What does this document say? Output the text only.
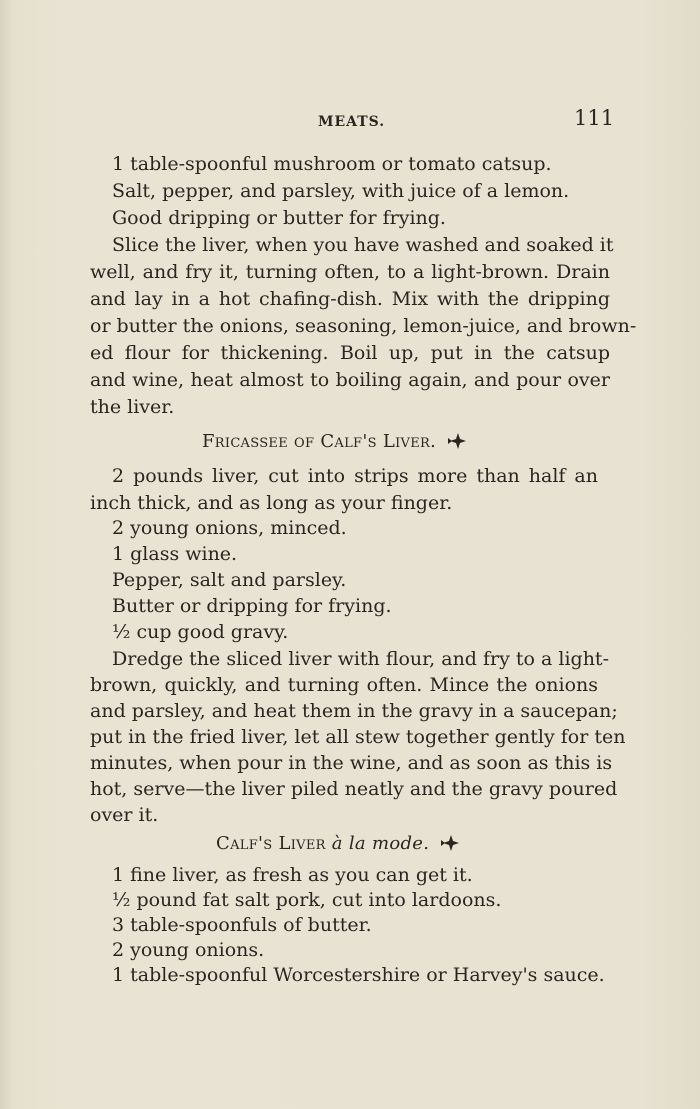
MEATS.	111
1 table-spoonful mushroom or tomato catsup.
Salt, pepper, and parsley, with juice of a lemon.
Good dripping or butter for frying.
Slice the liver, when you have washed and soaked it
well, and fry it, turning often, to a light-brown. Drain
and lay in a hot chafing-dish. Mix with the dripping
or butter the onions, seasoning, lemon-juice, and brown-
ed flour for thickening. Boil up, put in the catsup
and wine, heat almost to boiling again, and pour over
the liver.
Fricassee of Calf's Liver.
2 pounds liver, cut into strips more than half an
inch thick, and as long as your finger.
2 young onions, minced.
1 glass wine.
Pepper, salt and parsley.
Butter or dripping for frying.
½ cup good gravy.
Dredge the sliced liver with flour, and fry to a light-
brown, quickly, and turning often. Mince the onions
and parsley, and heat them in the gravy in a saucepan;
put in the fried liver, let all stew together gently for ten
minutes, when pour in the wine, and as soon as this is
hot, serve—the liver piled neatly and the gravy poured
over it.
Calf's Liver à la mode.
1 fine liver, as fresh as you can get it.
½ pound fat salt pork, cut into lardoons.
3 table-spoonfuls of butter.
2 young onions.
1 table-spoonful Worcestershire or Harvey's sauce.
